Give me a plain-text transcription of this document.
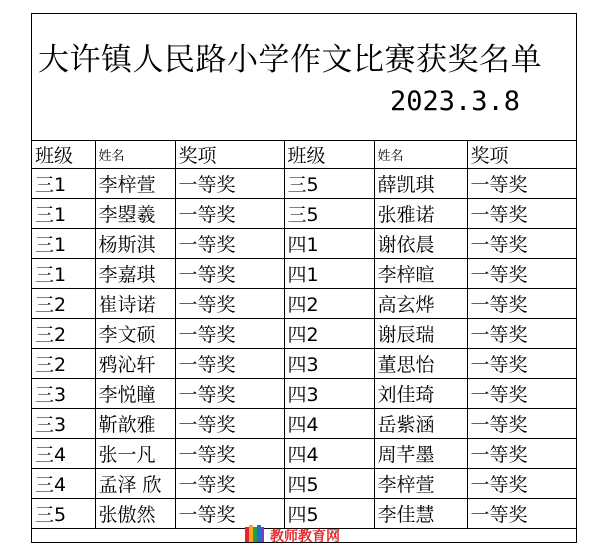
大许镇人民路小学作文比赛获奖名单
2023.3.8
班级	姓名	奖项	班级	姓名	奖项
三1	李梓萱	一等奖	三5	薛凯琪	一等奖
三1	李曌羲	一等奖	三5	张雅诺	一等奖
三1	杨斯淇	一等奖	四1	谢依晨	一等奖
三1	李嘉琪	一等奖	四1	李梓暄	一等奖
三2	崔诗诺	一等奖	四2	高玄烨	一等奖
三2	李文硕	一等奖	四2	谢辰瑞	一等奖
三2	鸦沁轩	一等奖	四3	董思怡	一等奖
三3	李悦瞳	一等奖	四3	刘佳琦	一等奖
三3	靳歆雅	一等奖	四4	岳紫涵	一等奖
三4	张一凡	一等奖	四4	周芊墨	一等奖
三4	孟泽 欣	一等奖	四5	李梓萱	一等奖
三5	张傲然	一等奖	四5	李佳慧	一等奖
教师教育网
